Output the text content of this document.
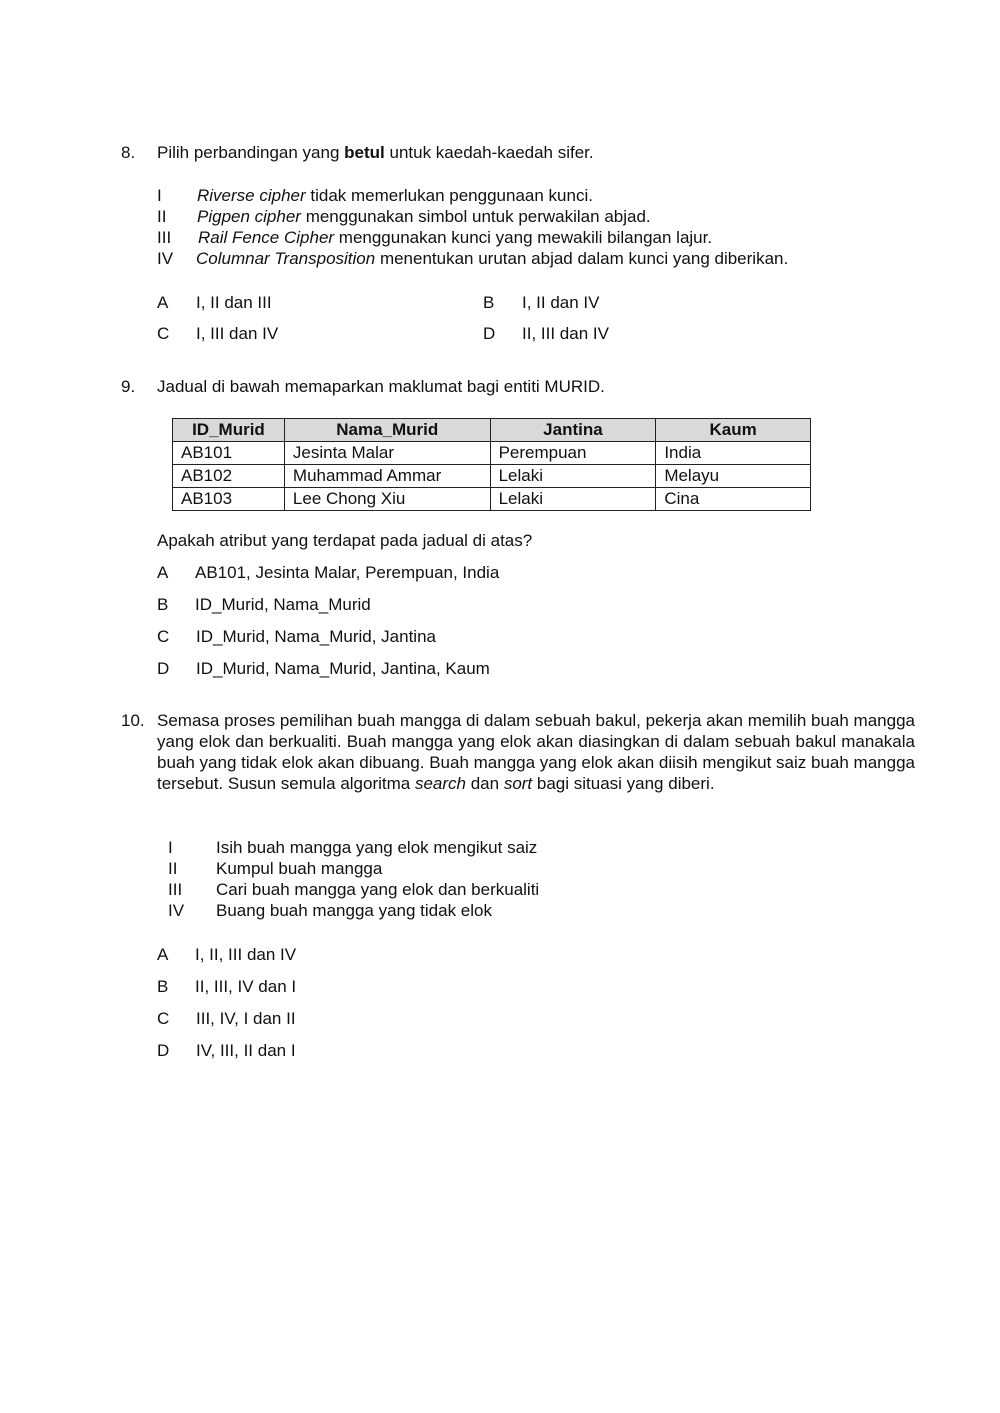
8. Pilih perbandingan yang betul untuk kaedah-kaedah sifer.
I Riverse cipher tidak memerlukan penggunaan kunci.
II Pigpen cipher menggunakan simbol untuk perwakilan abjad.
III Rail Fence Cipher menggunakan kunci yang mewakili bilangan lajur.
IV Columnar Transposition menentukan urutan abjad dalam kunci yang diberikan.
A I, II dan III	B I, II dan IV
C I, III dan IV	D II, III dan IV
9. Jadual di bawah memaparkan maklumat bagi entiti MURID.
ID_Murid	Nama_Murid	Jantina	Kaum
AB101	Jesinta Malar	Perempuan	India
AB102	Muhammad Ammar	Lelaki	Melayu
AB103	Lee Chong Xiu	Lelaki	Cina
Apakah atribut yang terdapat pada jadual di atas?
A AB101, Jesinta Malar, Perempuan, India
B ID_Murid, Nama_Murid
C ID_Murid, Nama_Murid, Jantina
D ID_Murid, Nama_Murid, Jantina, Kaum
10. Semasa proses pemilihan buah mangga di dalam sebuah bakul, pekerja akan memilih buah mangga yang elok dan berkualiti. Buah mangga yang elok akan diasingkan di dalam sebuah bakul manakala buah yang tidak elok akan dibuang. Buah mangga yang elok akan diisih mengikut saiz buah mangga tersebut. Susun semula algoritma search dan sort bagi situasi yang diberi.
I	Isih buah mangga yang elok mengikut saiz
II Kumpul buah mangga
III Cari buah mangga yang elok dan berkualiti
IV Buang buah mangga yang tidak elok
A I, II, III dan IV
B II, III, IV dan I
C III, IV, I dan II
D IV, III, II dan I
